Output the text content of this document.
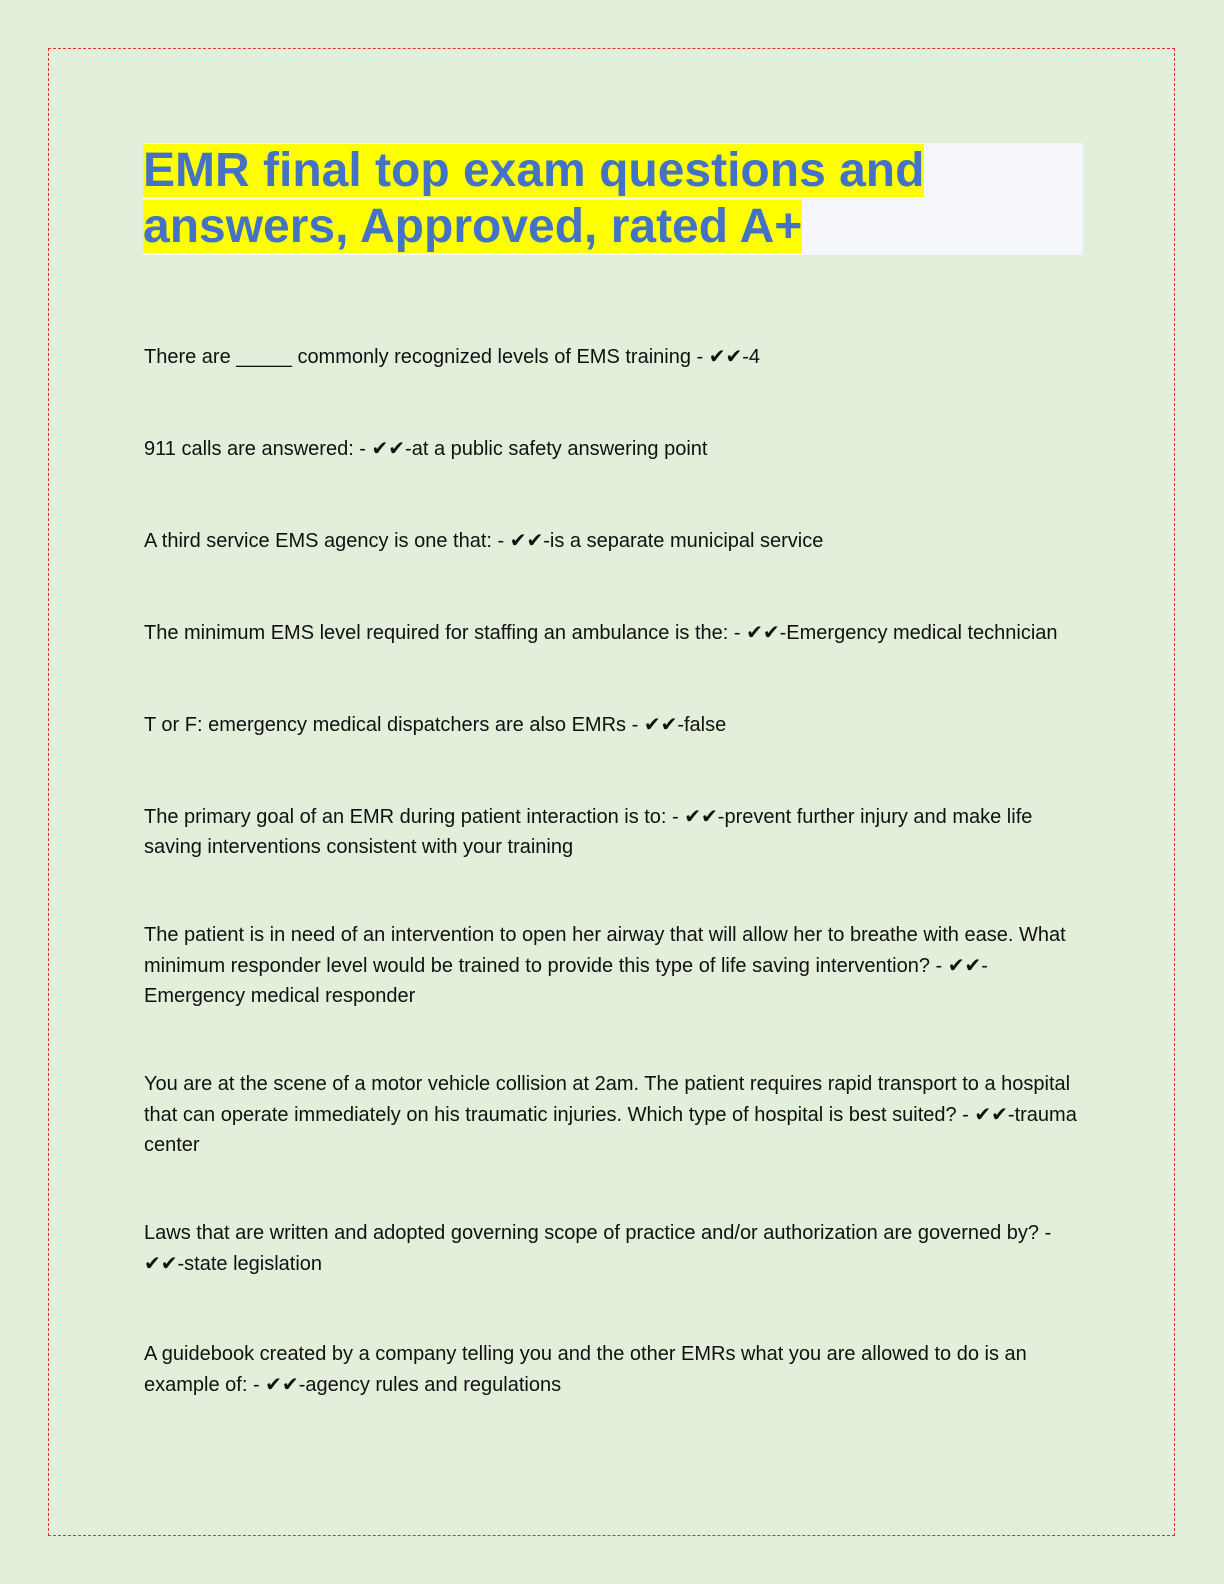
EMR final top exam questions and
answers, Approved, rated A+

There are _____ commonly recognized levels of EMS training - ✔✔-4

911 calls are answered: - ✔✔-at a public safety answering point

A third service EMS agency is one that: - ✔✔-is a separate municipal service

The minimum EMS level required for staffing an ambulance is the: - ✔✔-Emergency medical technician

T or F: emergency medical dispatchers are also EMRs - ✔✔-false

The primary goal of an EMR during patient interaction is to: - ✔✔-prevent further injury and make life saving interventions consistent with your training

The patient is in need of an intervention to open her airway that will allow her to breathe with ease. What minimum responder level would be trained to provide this type of life saving intervention? - ✔✔-Emergency medical responder

You are at the scene of a motor vehicle collision at 2am. The patient requires rapid transport to a hospital that can operate immediately on his traumatic injuries. Which type of hospital is best suited? - ✔✔-trauma center

Laws that are written and adopted governing scope of practice and/or authorization are governed by? - ✔✔-state legislation

A guidebook created by a company telling you and the other EMRs what you are allowed to do is an example of: - ✔✔-agency rules and regulations
